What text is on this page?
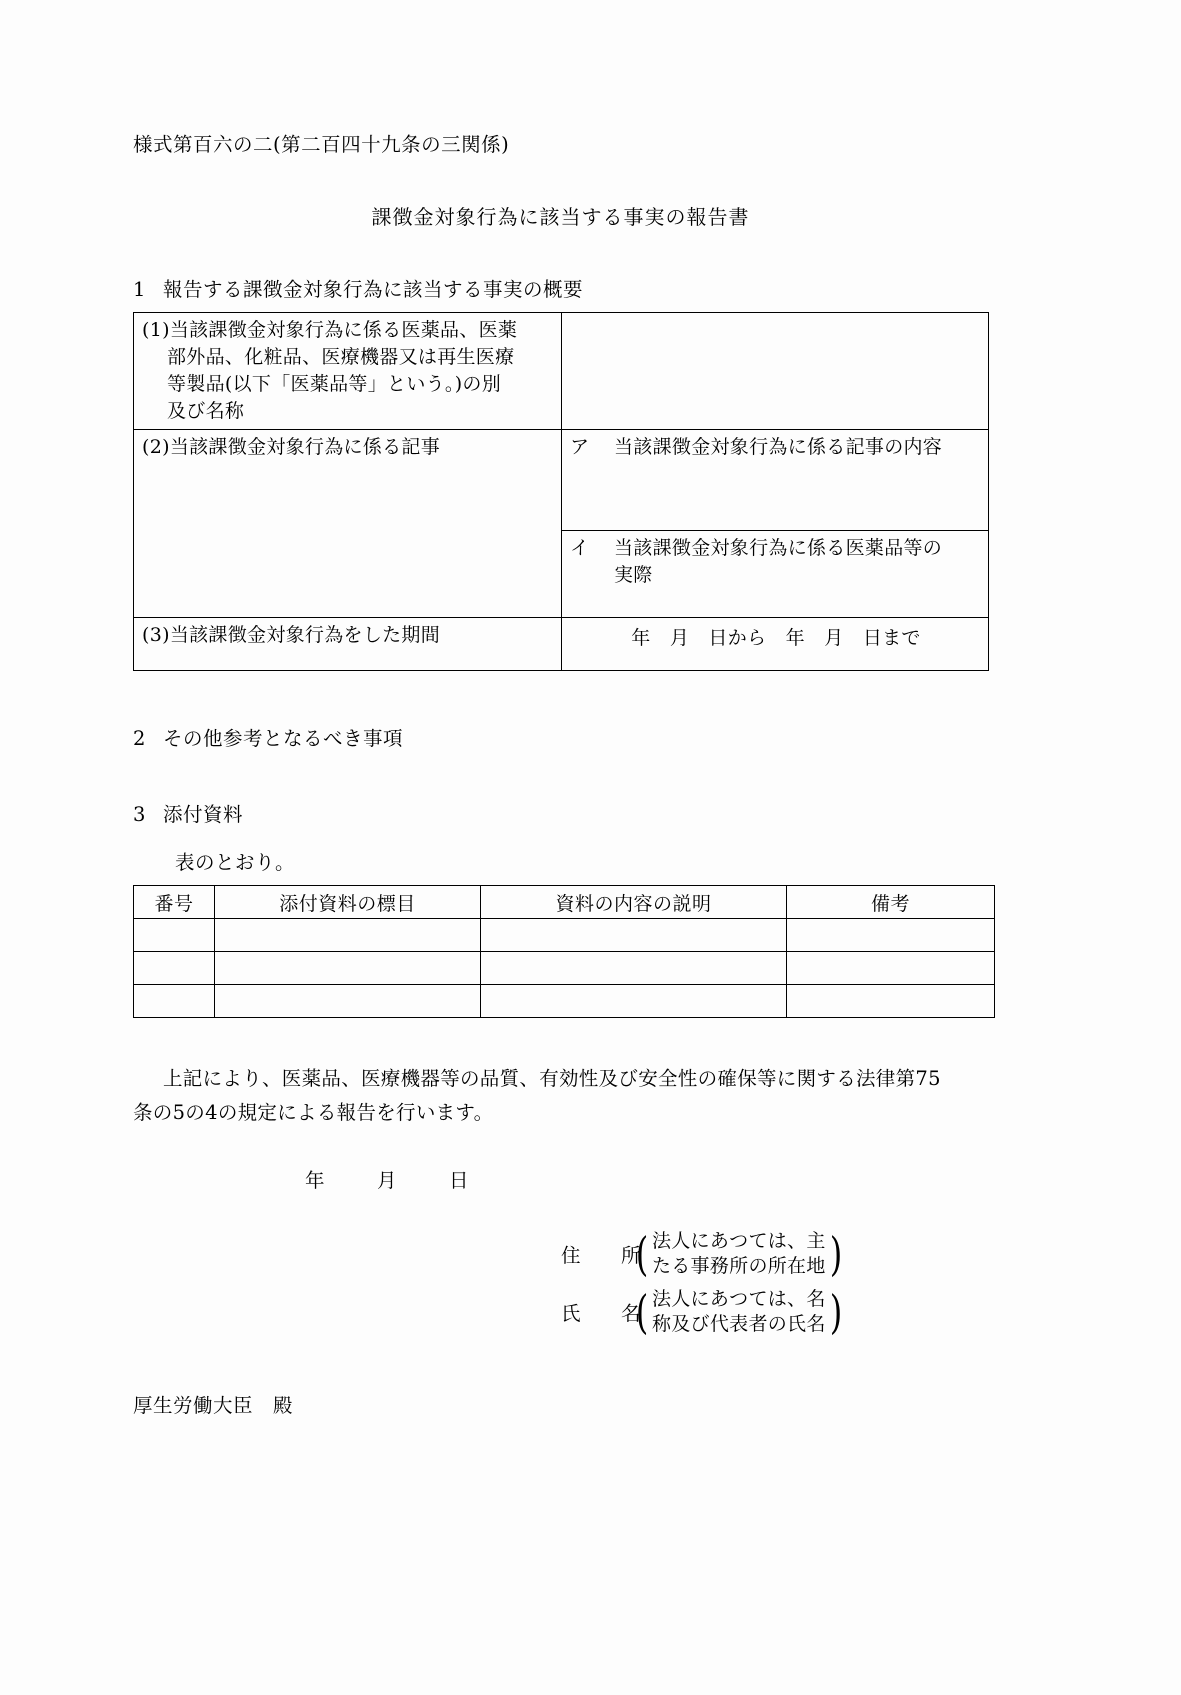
様式第百六の二(第二百四十九条の三関係)
課徴金対象行為に該当する事実の報告書
1 報告する課徴金対象行為に該当する事実の概要
(1)当該課徴金対象行為に係る医薬品、医薬
部外品、化粧品、医療機器又は再生医療
等製品(以下「医薬品等」という。)の別
及び名称	

(2)当該課徴金対象行為に係る記事	ア 当該課徴金対象行為に係る記事の内容

	イ 当該課徴金対象行為に係る医薬品等の
実際

(3)当該課徴金対象行為をした期間	年　月　日から　年　月　日まで
2 その他参考となるべき事項
3 添付資料
表のとおり。
番号	添付資料の標目	資料の内容の説明	備考

上記により、医薬品、医療機器等の品質、有効性及び安全性の確保等に関する法律第75
条の5の4の規定による報告を行います。
年	月	日
住　　所
( 法人にあつては、主
たる事務所の所在地 )
氏　　名
( 法人にあつては、名
称及び代表者の氏名 )
厚生労働大臣　殿
